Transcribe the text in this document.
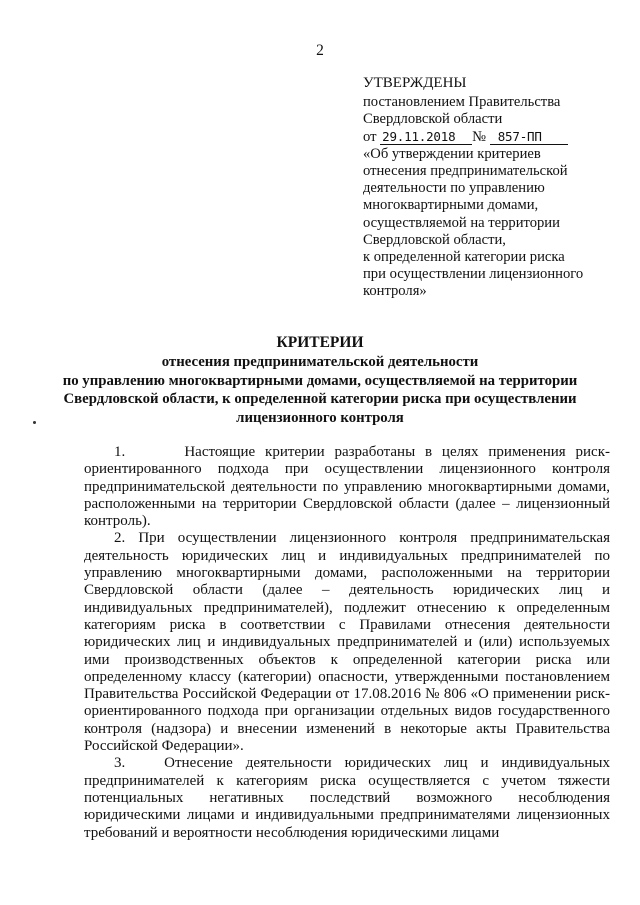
2
УТВЕРЖДЕНЫ
постановлением Правительства
Свердловской области
от 29.11.2018 № 857-ПП
«Об утверждении критериев
отнесения предпринимательской
деятельности по управлению
многоквартирными домами,
осуществляемой на территории
Свердловской области,
к определенной категории риска
при осуществлении лицензионного
контроля»
КРИТЕРИИ
отнесения предпринимательской деятельности
по управлению многоквартирными домами, осуществляемой на территории
Свердловской области, к определенной категории риска при осуществлении
лицензионного контроля

1.      Настоящие критерии разработаны в целях применения риск-ориентированного подхода при осуществлении лицензионного контроля предпринимательской деятельности по управлению многоквартирными домами, расположенными на территории Свердловской области (далее – лицензионный контроль).

2. При осуществлении лицензионного контроля предпринимательская деятельность юридических лиц и индивидуальных предпринимателей по управлению многоквартирными домами, расположенными на территории Свердловской области (далее – деятельность юридических лиц и индивидуальных предпринимателей), подлежит отнесению к определенным категориям риска в соответствии с Правилами отнесения деятельности юридических лиц и индивидуальных предпринимателей и (или) используемых ими производственных объектов к определенной категории риска или определенному классу (категории) опасности, утвержденными постановлением Правительства Российской Федерации от 17.08.2016 № 806 «О применении риск-ориентированного подхода при организации отдельных видов государственного контроля (надзора) и внесении изменений в некоторые акты Правительства Российской Федерации».

3.   Отнесение деятельности юридических лиц и индивидуальных предпринимателей к категориям риска осуществляется с учетом тяжести потенциальных негативных последствий возможного несоблюдения юридическими лицами и индивидуальными предпринимателями лицензионных требований и вероятности несоблюдения юридическими лицами
